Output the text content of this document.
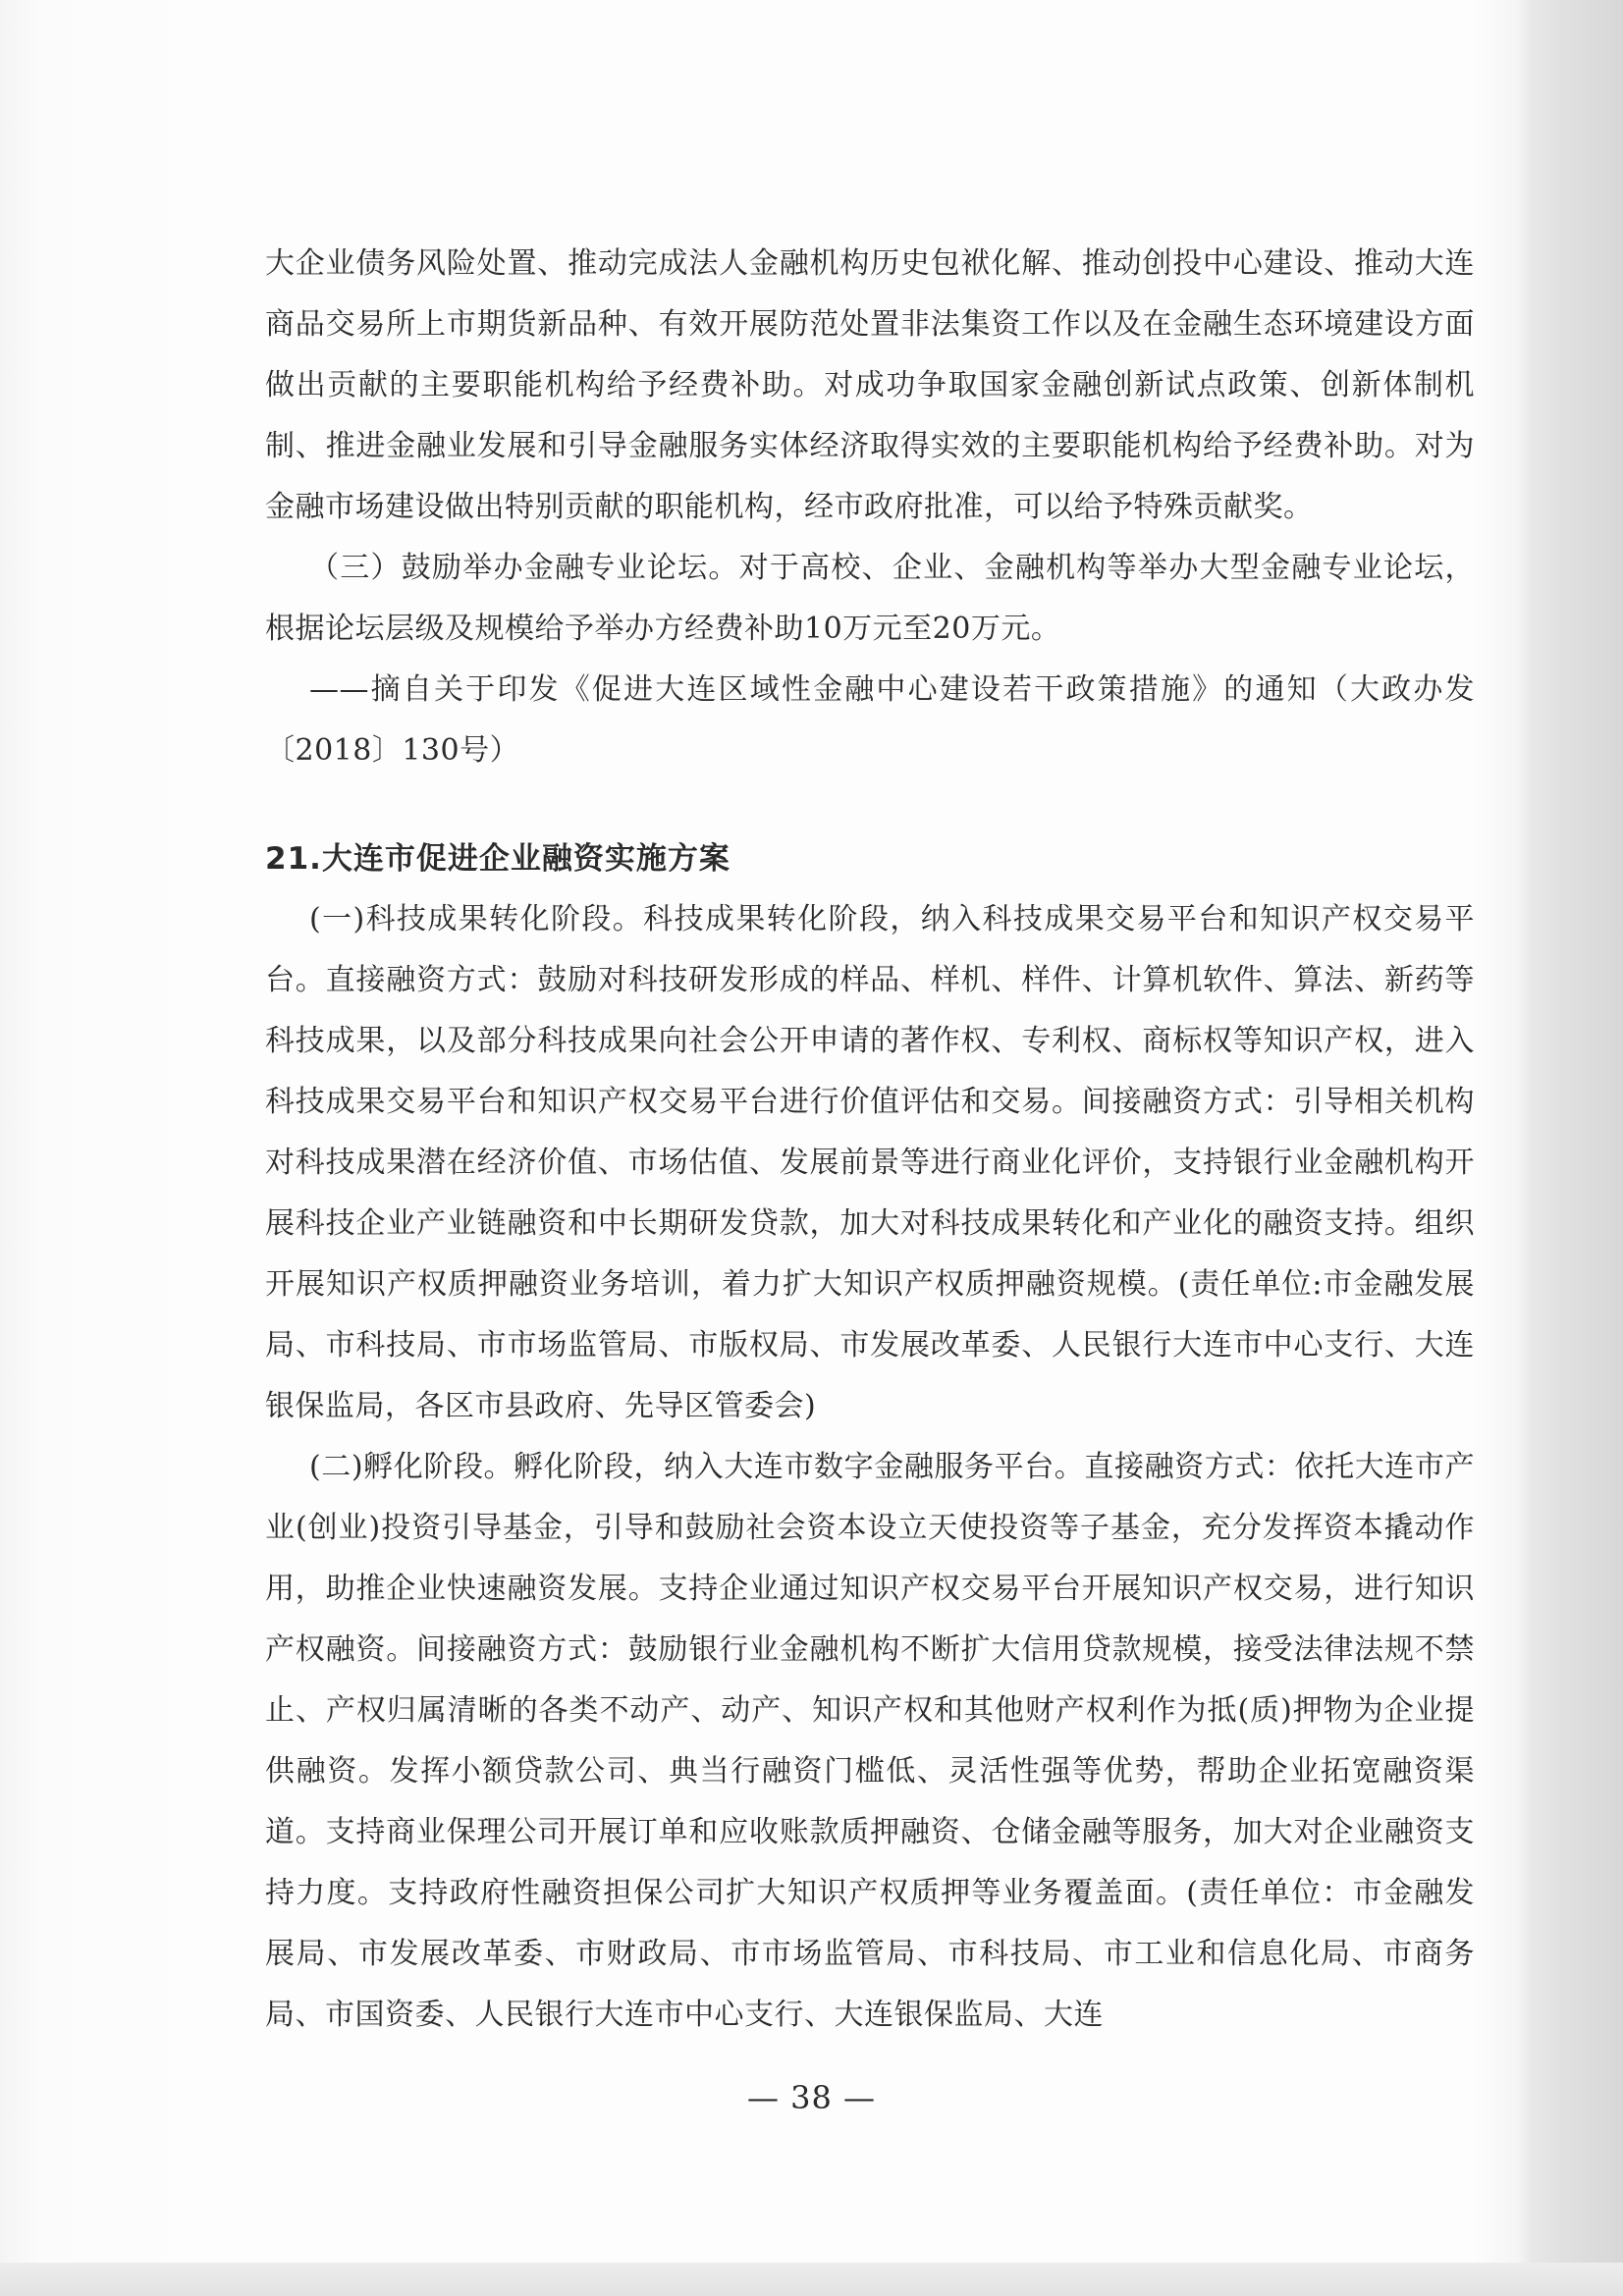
大企业债务风险处置、推动完成法人金融机构历史包袱化解、推动创投中心建设、推动大连商品交易所上市期货新品种、有效开展防范处置非法集资工作以及在金融生态环境建设方面做出贡献的主要职能机构给予经费补助。对成功争取国家金融创新试点政策、创新体制机制、推进金融业发展和引导金融服务实体经济取得实效的主要职能机构给予经费补助。对为金融市场建设做出特别贡献的职能机构，经市政府批准，可以给予特殊贡献奖。

（三）鼓励举办金融专业论坛。对于高校、企业、金融机构等举办大型金融专业论坛，根据论坛层级及规模给予举办方经费补助10万元至20万元。

——摘自关于印发《促进大连区域性金融中心建设若干政策措施》的通知（大政办发〔2018〕130号）

21.大连市促进企业融资实施方案

(一)科技成果转化阶段。科技成果转化阶段，纳入科技成果交易平台和知识产权交易平台。直接融资方式：鼓励对科技研发形成的样品、样机、样件、计算机软件、算法、新药等科技成果，以及部分科技成果向社会公开申请的著作权、专利权、商标权等知识产权，进入科技成果交易平台和知识产权交易平台进行价值评估和交易。间接融资方式：引导相关机构对科技成果潜在经济价值、市场估值、发展前景等进行商业化评价，支持银行业金融机构开展科技企业产业链融资和中长期研发贷款，加大对科技成果转化和产业化的融资支持。组织开展知识产权质押融资业务培训，着力扩大知识产权质押融资规模。(责任单位:市金融发展局、市科技局、市市场监管局、市版权局、市发展改革委、人民银行大连市中心支行、大连银保监局，各区市县政府、先导区管委会)

(二)孵化阶段。孵化阶段，纳入大连市数字金融服务平台。直接融资方式：依托大连市产业(创业)投资引导基金，引导和鼓励社会资本设立天使投资等子基金，充分发挥资本撬动作用，助推企业快速融资发展。支持企业通过知识产权交易平台开展知识产权交易，进行知识产权融资。间接融资方式：鼓励银行业金融机构不断扩大信用贷款规模，接受法律法规不禁止、产权归属清晰的各类不动产、动产、知识产权和其他财产权利作为抵(质)押物为企业提供融资。发挥小额贷款公司、典当行融资门槛低、灵活性强等优势，帮助企业拓宽融资渠道。支持商业保理公司开展订单和应收账款质押融资、仓储金融等服务，加大对企业融资支持力度。支持政府性融资担保公司扩大知识产权质押等业务覆盖面。(责任单位：市金融发展局、市发展改革委、市财政局、市市场监管局、市科技局、市工业和信息化局、市商务局、市国资委、人民银行大连市中心支行、大连银保监局、大连

— 38 —
